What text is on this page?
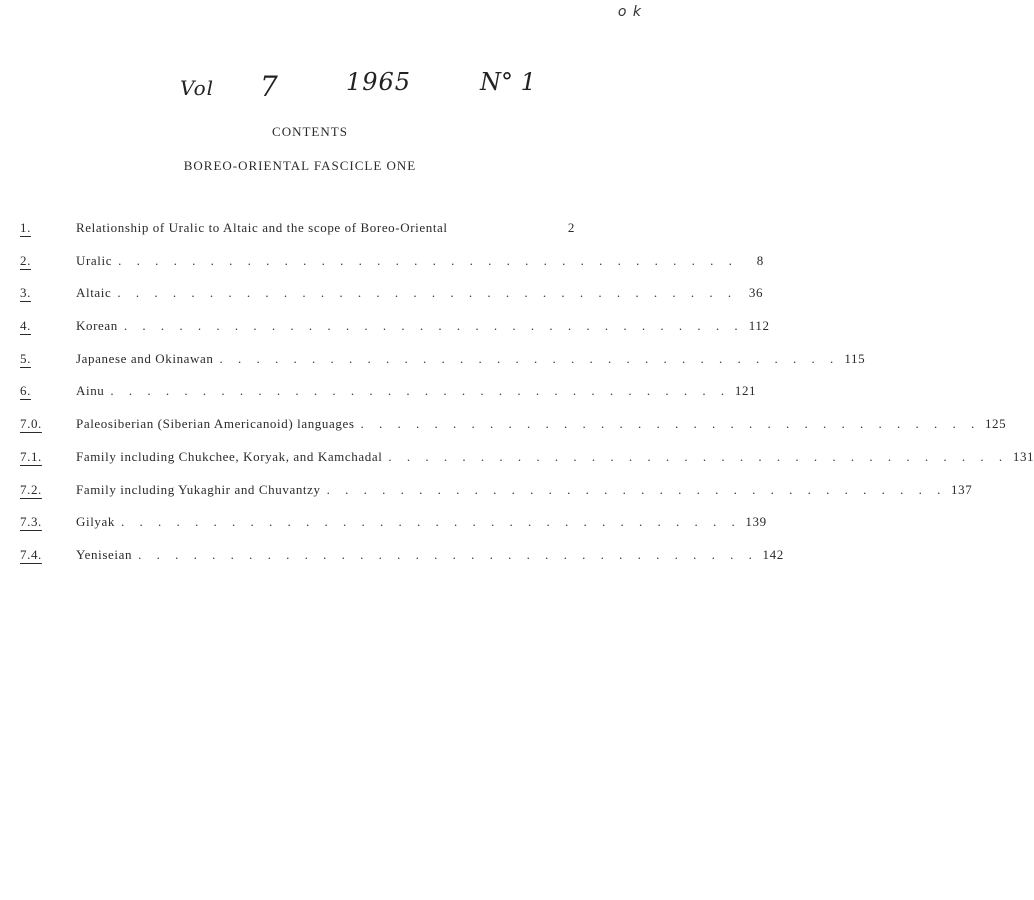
o k
Vol 7	1965	N° 1
CONTENTS
BOREO-ORIENTAL FASCICLE ONE
1.	Relationship of Uralic to Altaic and the scope of Boreo-Oriental	2
2.	Uralic . . . . . . . . . . . . . . . . . . . . . . . . . . . . . . . . . .	8
3.	Altaic . . . . . . . . . . . . . . . . . . . . . . . . . . . . . . . . . . 36
4.	Korean . . . . . . . . . . . . . . . . . . . . . . . . . . . . . . . . . . 112
5.	Japanese and Okinawan . . . . . . . . . . . . . . . . . . . . . . . . . . . . . . . . . . 115
6.	Ainu . . . . . . . . . . . . . . . . . . . . . . . . . . . . . . . . . . 121
7.0.	Paleosiberian (Siberian Americanoid) languages . . . . . . . . . . . . . . . . . . . . . . . . . . . . . . . . . . 125
7.1.	Family including Chukchee, Koryak, and Kamchadal . . . . . . . . . . . . . . . . . . . . . . . . . . . . . . . . . . 131
7.2.	Family including Yukaghir and Chuvantzy . . . . . . . . . . . . . . . . . . . . . . . . . . . . . . . . . . 137
7.3.	Gilyak . . . . . . . . . . . . . . . . . . . . . . . . . . . . . . . . . . 139
7.4.	Yeniseian . . . . . . . . . . . . . . . . . . . . . . . . . . . . . . . . . . 142
